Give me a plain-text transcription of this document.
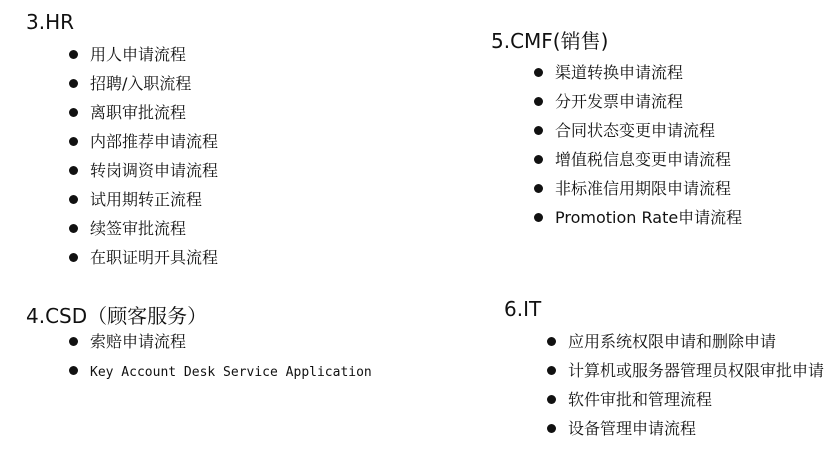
3.HR
用人申请流程
招聘/入职流程
离职审批流程
内部推荐申请流程
转岗调资申请流程
试用期转正流程
续签审批流程
在职证明开具流程
4.CSD（顾客服务）
索赔申请流程
Key Account Desk Service Application
5.CMF(销售)
渠道转换申请流程
分开发票申请流程
合同状态变更申请流程
增值税信息变更申请流程
非标准信用期限申请流程
Promotion Rate申请流程
6.IT
应用系统权限申请和删除申请
计算机或服务器管理员权限审批申请
软件审批和管理流程
设备管理申请流程
